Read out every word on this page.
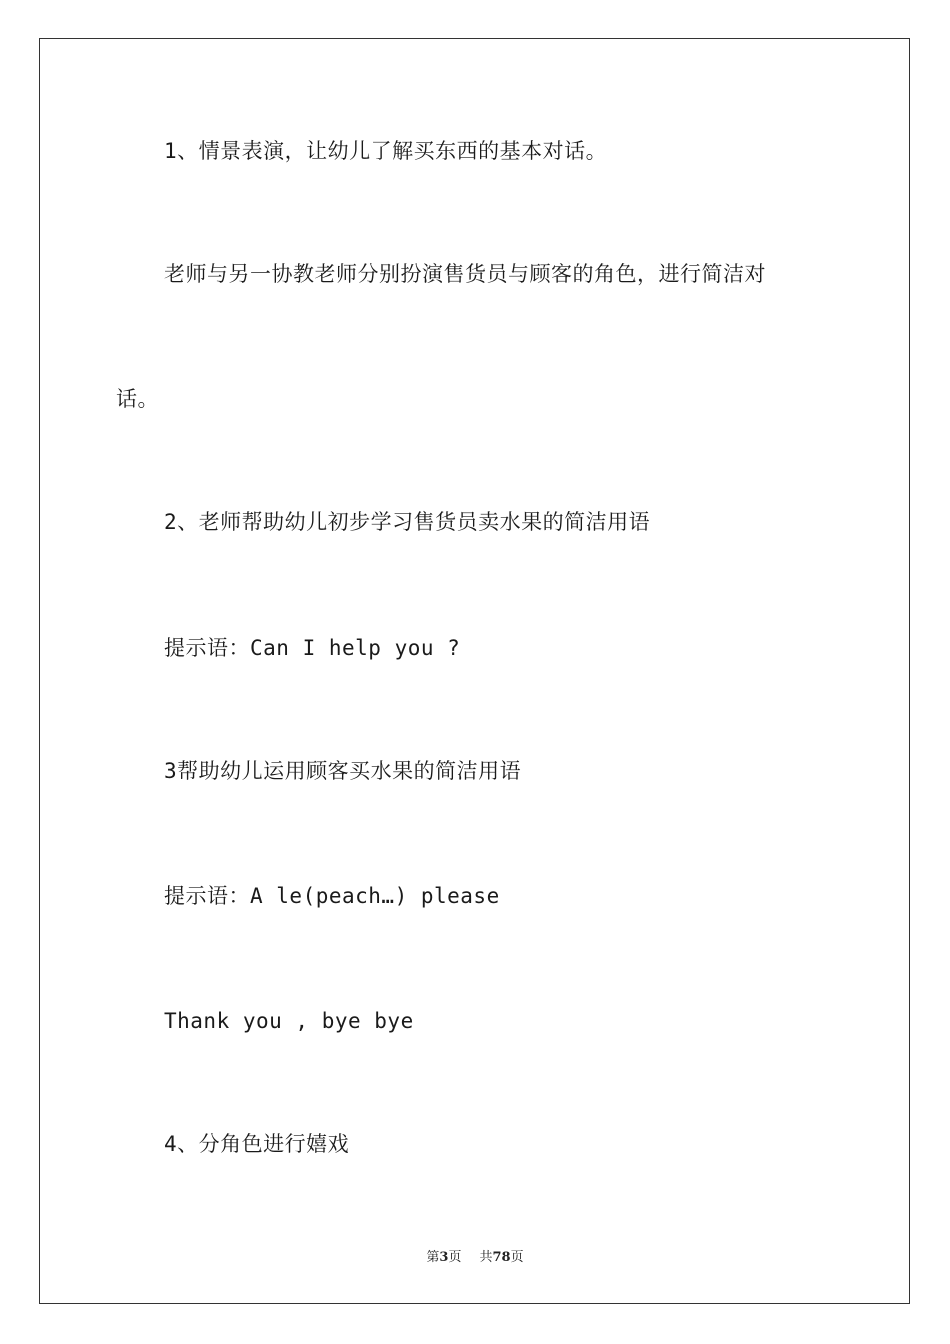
1、情景表演，让幼儿了解买东西的基本对话。
老师与另一协教老师分别扮演售货员与顾客的角色，进行简洁对
话。
2、老师帮助幼儿初步学习售货员卖水果的简洁用语
提示语：Can I help you ?
3帮助幼儿运用顾客买水果的简洁用语
提示语：A le(peach…) please
Thank you , bye bye
4、分角色进行嬉戏
第3页 共78页
